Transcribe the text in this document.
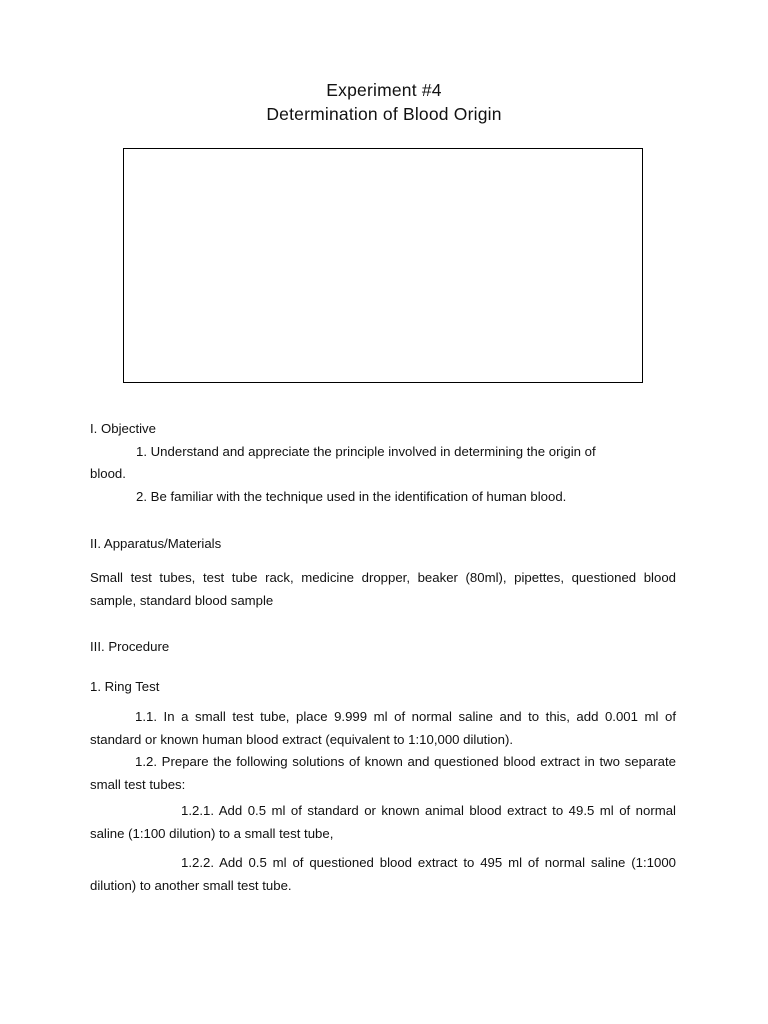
Experiment #4
Determination of Blood Origin
I. Objective
1. Understand and appreciate the principle involved in determining the origin of
blood.
2. Be familiar with the technique used in the identification of human blood.
II. Apparatus/Materials
Small test tubes, test tube rack, medicine dropper, beaker (80ml), pipettes, questioned blood sample, standard blood sample
III. Procedure
1. Ring Test
1.1. In a small test tube, place 9.999 ml of normal saline and to this, add 0.001 ml of standard or known human blood extract (equivalent to 1:10,000 dilution).
1.2. Prepare the following solutions of known and questioned blood extract in two separate small test tubes:
1.2.1. Add 0.5 ml of standard or known animal blood extract to 49.5 ml of normal saline (1:100 dilution) to a small test tube,
1.2.2. Add 0.5 ml of questioned blood extract to 495 ml of normal saline (1:1000 dilution) to another small test tube.
